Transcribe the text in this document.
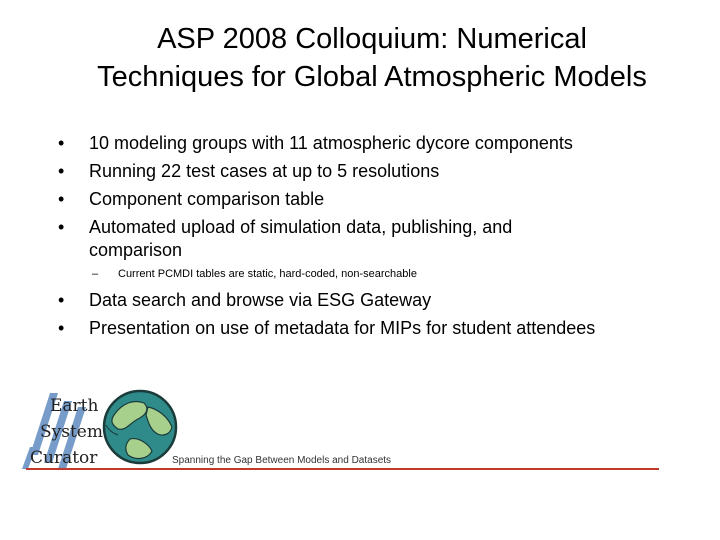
ASP 2008 Colloquium: Numerical
Techniques for Global Atmospheric Models
•	10 modeling groups with 11 atmospheric dycore components
•	Running 22 test cases at up to 5 resolutions
•	Component comparison table
•	Automated upload of simulation data, publishing, and
comparison
– Current PCMDI tables are static, hard-coded, non-searchable
•	Data search and browse via ESG Gateway
•	Presentation on use of metadata for MIPs for student attendees
Earth
System
Curator	Spanning the Gap Between Models and Datasets
